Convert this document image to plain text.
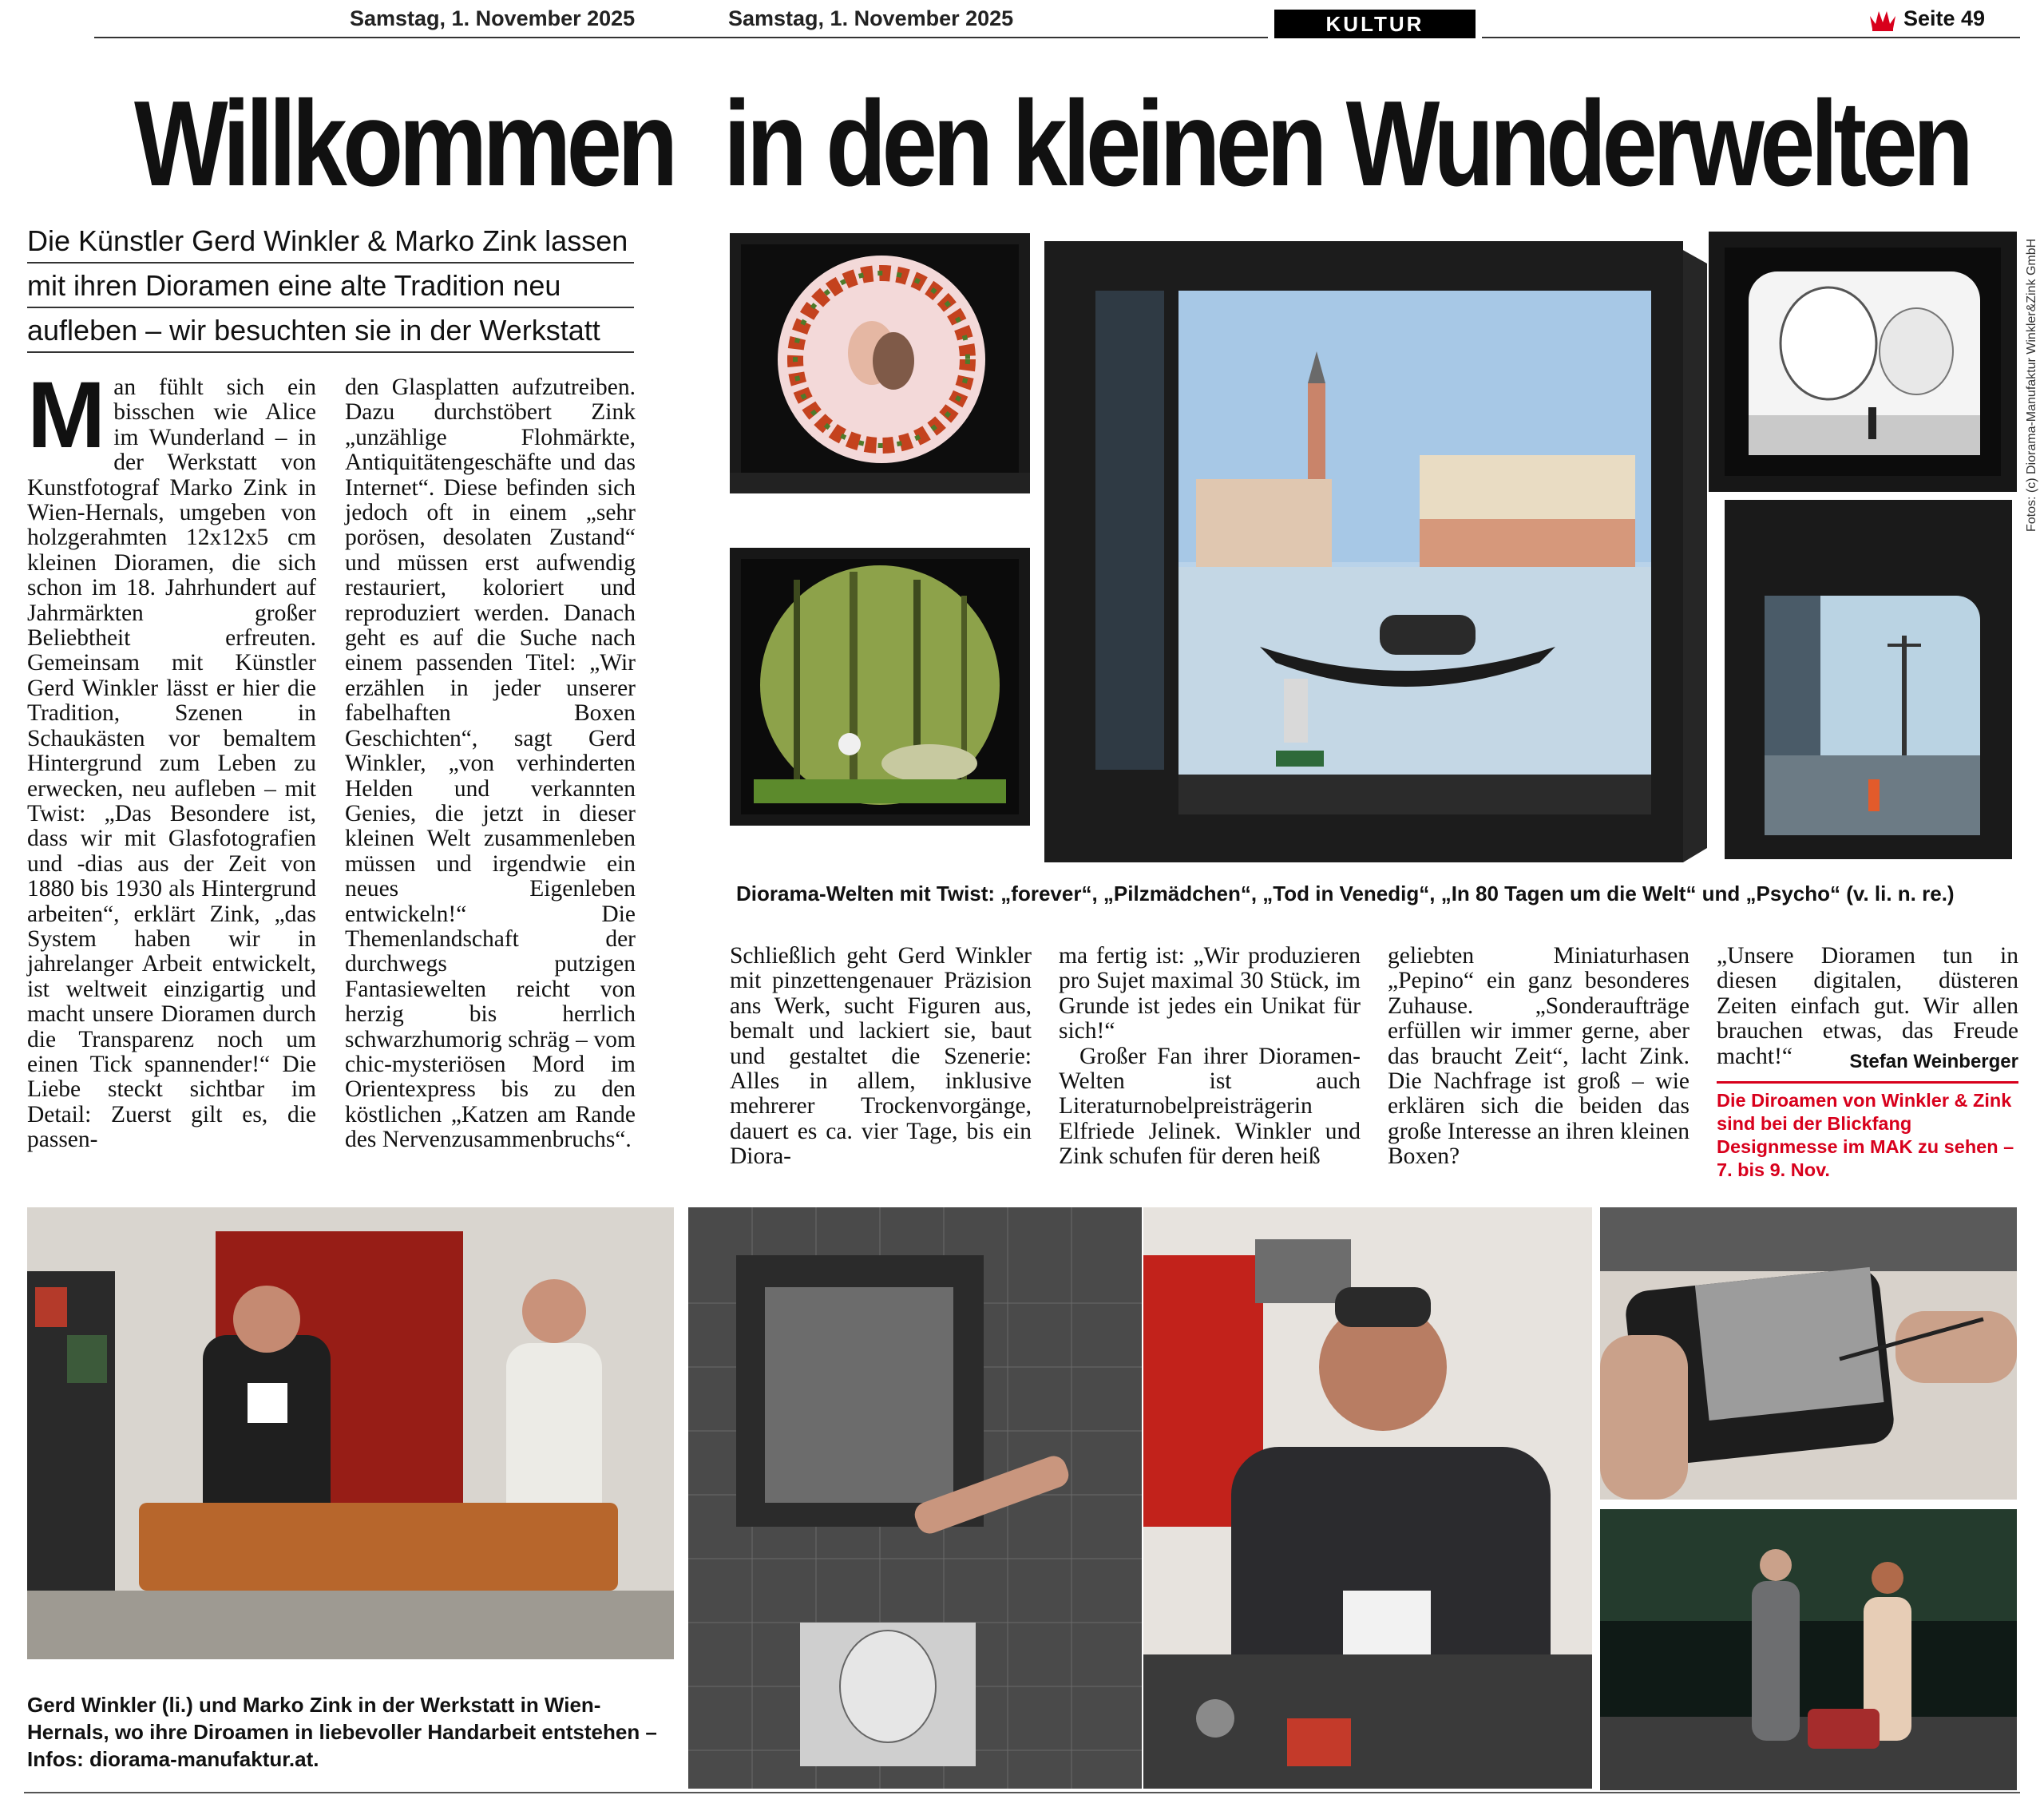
Samstag, 1. November 2025	Samstag, 1. November 2025	KULTUR	Seite 49
Willkommen in den kleinen Wunderwelten
Die Künstler Gerd Winkler & Marko Zink lassen
mit ihren Dioramen eine alte Tradition neu
aufleben – wir besuchten sie in der Werkstatt
M an fühlt sich ein bisschen wie Alice im Wunderland – in der Werkstatt von Kunstfotograf Marko Zink in Wien-Hernals, umgeben von holzgerahmten 12x12x5 cm kleinen Dioramen, die sich schon im 18. Jahrhundert auf Jahrmärkten großer Beliebtheit erfreuten. Gemeinsam mit Künstler Gerd Winkler lässt er hier die Tradition, Szenen in Schaukästen vor bemaltem Hintergrund zum Leben zu erwecken, neu aufleben – mit Twist: „Das Besondere ist, dass wir mit Glasfotografien und -dias aus der Zeit von 1880 bis 1930 als Hintergrund arbeiten“, erklärt Zink, „das System haben wir in jahrelanger Arbeit entwickelt, ist weltweit einzigartig und macht unsere Dioramen durch die Transparenz noch um einen Tick spannender!“ Die Liebe steckt sichtbar im Detail: Zuerst gilt es, die passen-
den Glasplatten aufzutreiben. Dazu durchstöbert Zink „unzählige Flohmärkte, Antiquitätengeschäfte und das Internet“. Diese befinden sich jedoch oft in einem „sehr porösen, desolaten Zustand“ und müssen erst aufwendig restauriert, koloriert und reproduziert werden. Danach geht es auf die Suche nach einem passenden Titel: „Wir erzählen in jeder unserer fabelhaften Boxen Geschichten“, sagt Gerd Winkler, „von verhinderten Helden und verkannten Genies, die jetzt in dieser kleinen Welt zusammenleben müssen und irgendwie ein neues Eigenleben entwickeln!“ Die Themenlandschaft der durchwegs putzigen Fantasiewelten reicht von herzig bis herrlich schwarzhumorig schräg – vom chic-mysteriösen Mord im Orientexpress bis zu den köstlichen „Katzen am Rande des Nervenzusammenbruchs“.
Fotos: (c) Diorama-Manufaktur Winkler&Zink GmbH
Diorama-Welten mit Twist: „forever“, „Pilzmädchen“, „Tod in Venedig“, „In 80 Tagen um die Welt“ und „Psycho“ (v. li. n. re.)
Schließlich geht Gerd Winkler mit pinzettengenauer Präzision ans Werk, sucht Figuren aus, bemalt und lackiert sie, baut und gestaltet die Szenerie: Alles in allem, inklusive mehrerer Trockenvorgänge, dauert es ca. vier Tage, bis ein Diora-

ma fertig ist: „Wir produzieren pro Sujet maximal 30 Stück, im Grunde ist jedes ein Unikat für sich!“

Großer Fan ihrer Dioramen-Welten ist auch Literaturnobelpreisträgerin Elfriede Jelinek. Winkler und Zink schufen für deren heiß

geliebten Miniaturhasen „Pepino“ ein ganz besonderes Zuhause. „Sonderaufträge erfüllen wir immer gerne, aber das braucht Zeit“, lacht Zink. Die Nachfrage ist groß – wie erklären sich die beiden das große Interesse an ihren kleinen Boxen?
„Unsere Dioramen tun in diesen digitalen, düsteren Zeiten einfach gut. Wir allen brauchen etwas, das Freude macht!“	Stefan Weinberger
Die Diroamen von Winkler & Zink sind bei der Blickfang Designmesse im MAK zu sehen – 7. bis 9. Nov.
Gerd Winkler (li.) und Marko Zink in der Werkstatt in Wien-Hernals, wo ihre Diroamen in liebevoller Handarbeit entstehen – Infos: diorama-manufaktur.at.
